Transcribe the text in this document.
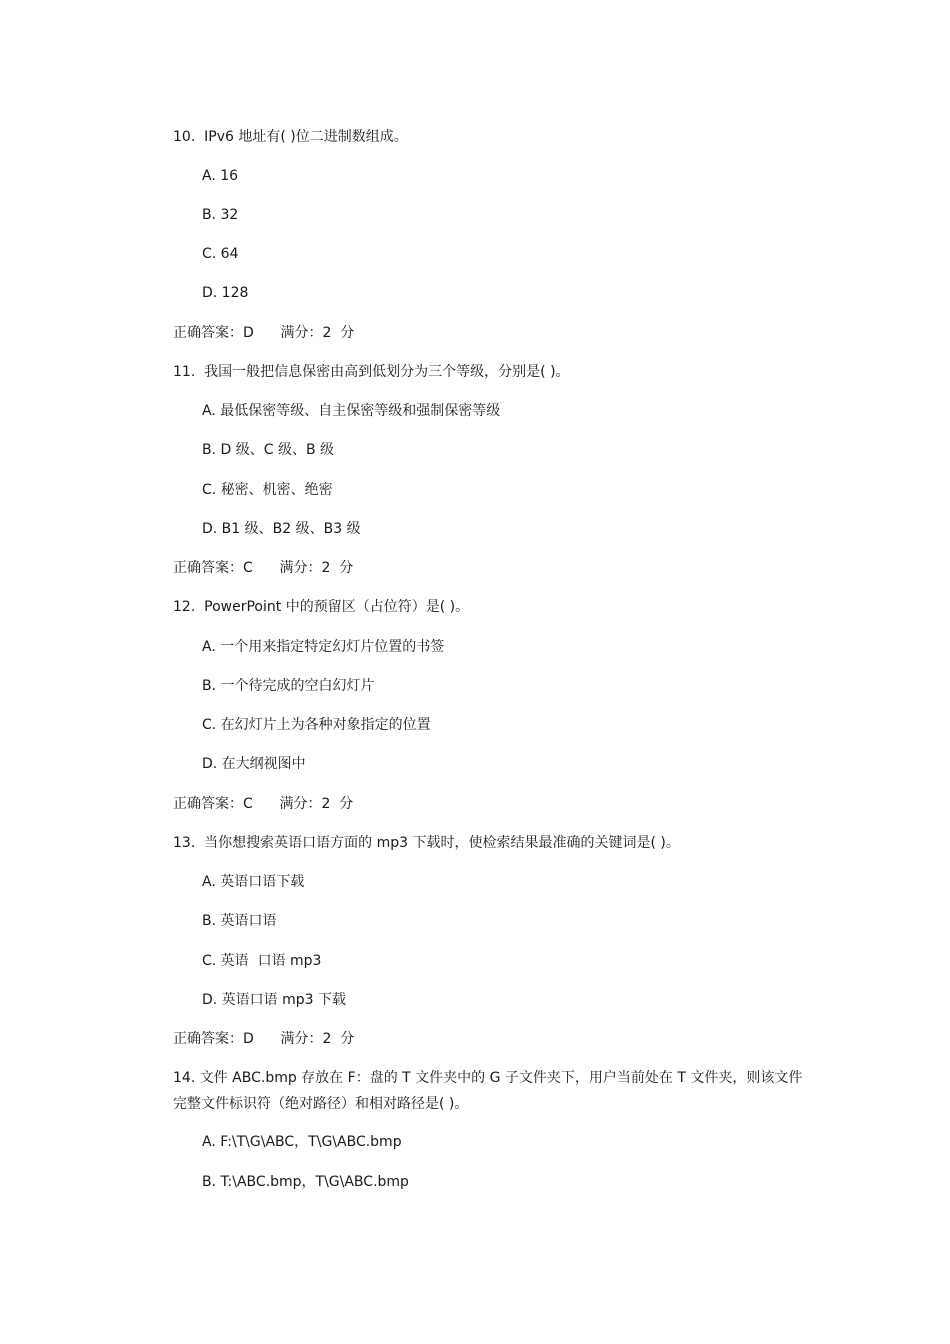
10.  IPv6 地址有( )位二进制数组成。
A. 16
B. 32
C. 64
D. 128
正确答案：D      满分：2  分
11.  我国一般把信息保密由高到低划分为三个等级，分别是( )。
A. 最低保密等级、自主保密等级和强制保密等级
B. D 级、C 级、B 级
C. 秘密、机密、绝密
D. B1 级、B2 级、B3 级
正确答案：C      满分：2  分
12.  PowerPoint 中的预留区（占位符）是( )。
A. 一个用来指定特定幻灯片位置的书签
B. 一个待完成的空白幻灯片
C. 在幻灯片上为各种对象指定的位置
D. 在大纲视图中
正确答案：C      满分：2  分
13.  当你想搜索英语口语方面的 mp3 下载时，使检索结果最准确的关键词是( )。
A. 英语口语下载
B. 英语口语
C. 英语  口语 mp3
D. 英语口语 mp3 下载
正确答案：D      满分：2  分
14. 文件 ABC.bmp 存放在 F：盘的 T 文件夹中的 G 子文件夹下，用户当前处在 T 文件夹，则该文件完整文件标识符（绝对路径）和相对路径是( )。
A. F:\T\G\ABC，T\G\ABC.bmp
B. T:\ABC.bmp，T\G\ABC.bmp
